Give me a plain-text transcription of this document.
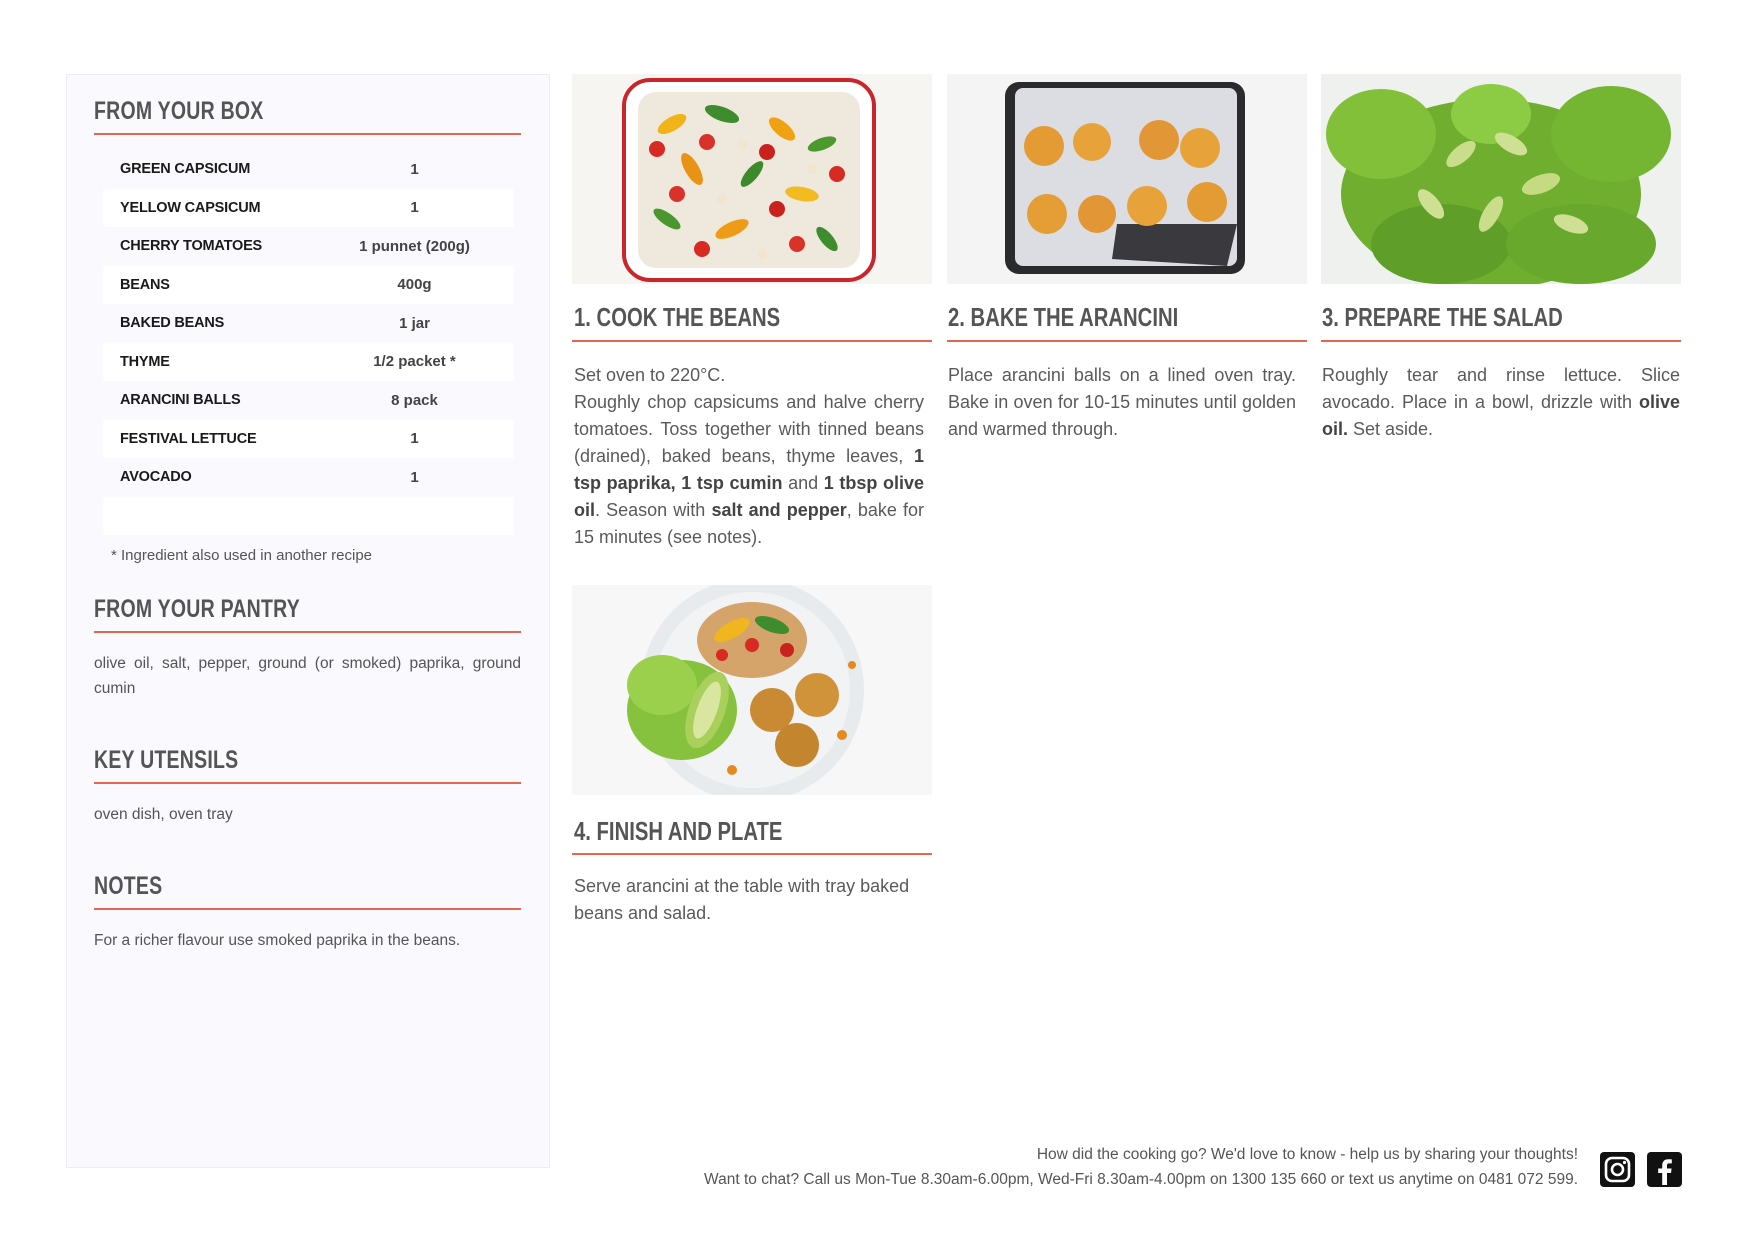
FROM YOUR BOX
GREEN CAPSICUM	1
YELLOW CAPSICUM	1
CHERRY TOMATOES	1 punnet (200g)
BEANS	400g
BAKED BEANS	1 jar
THYME	1/2 packet *
ARANCINI BALLS	8 pack
FESTIVAL LETTUCE	1
AVOCADO	1
* Ingredient also used in another recipe
FROM YOUR PANTRY
olive oil, salt, pepper, ground (or smoked) paprika, ground cumin
KEY UTENSILS
oven dish, oven tray
NOTES
For a richer flavour use smoked paprika in the beans.
1. COOK THE BEANS
Set oven to 220°C.
Roughly chop capsicums and halve cherry tomatoes. Toss together with tinned beans (drained), baked beans, thyme leaves, 1 tsp paprika, 1 tsp cumin and 1 tbsp olive oil. Season with salt and pepper, bake for 15 minutes (see notes).
2. BAKE THE ARANCINI
Place arancini balls on a lined oven tray. Bake in oven for 10-15 minutes until golden and warmed through.
3. PREPARE THE SALAD
Roughly tear and rinse lettuce. Slice avocado. Place in a bowl, drizzle with olive oil. Set aside.
4. FINISH AND PLATE
Serve arancini at the table with tray baked beans and salad.
How did the cooking go? We'd love to know - help us by sharing your thoughts!
Want to chat? Call us Mon-Tue 8.30am-6.00pm, Wed-Fri 8.30am-4.00pm on 1300 135 660 or text us anytime on 0481 072 599.
